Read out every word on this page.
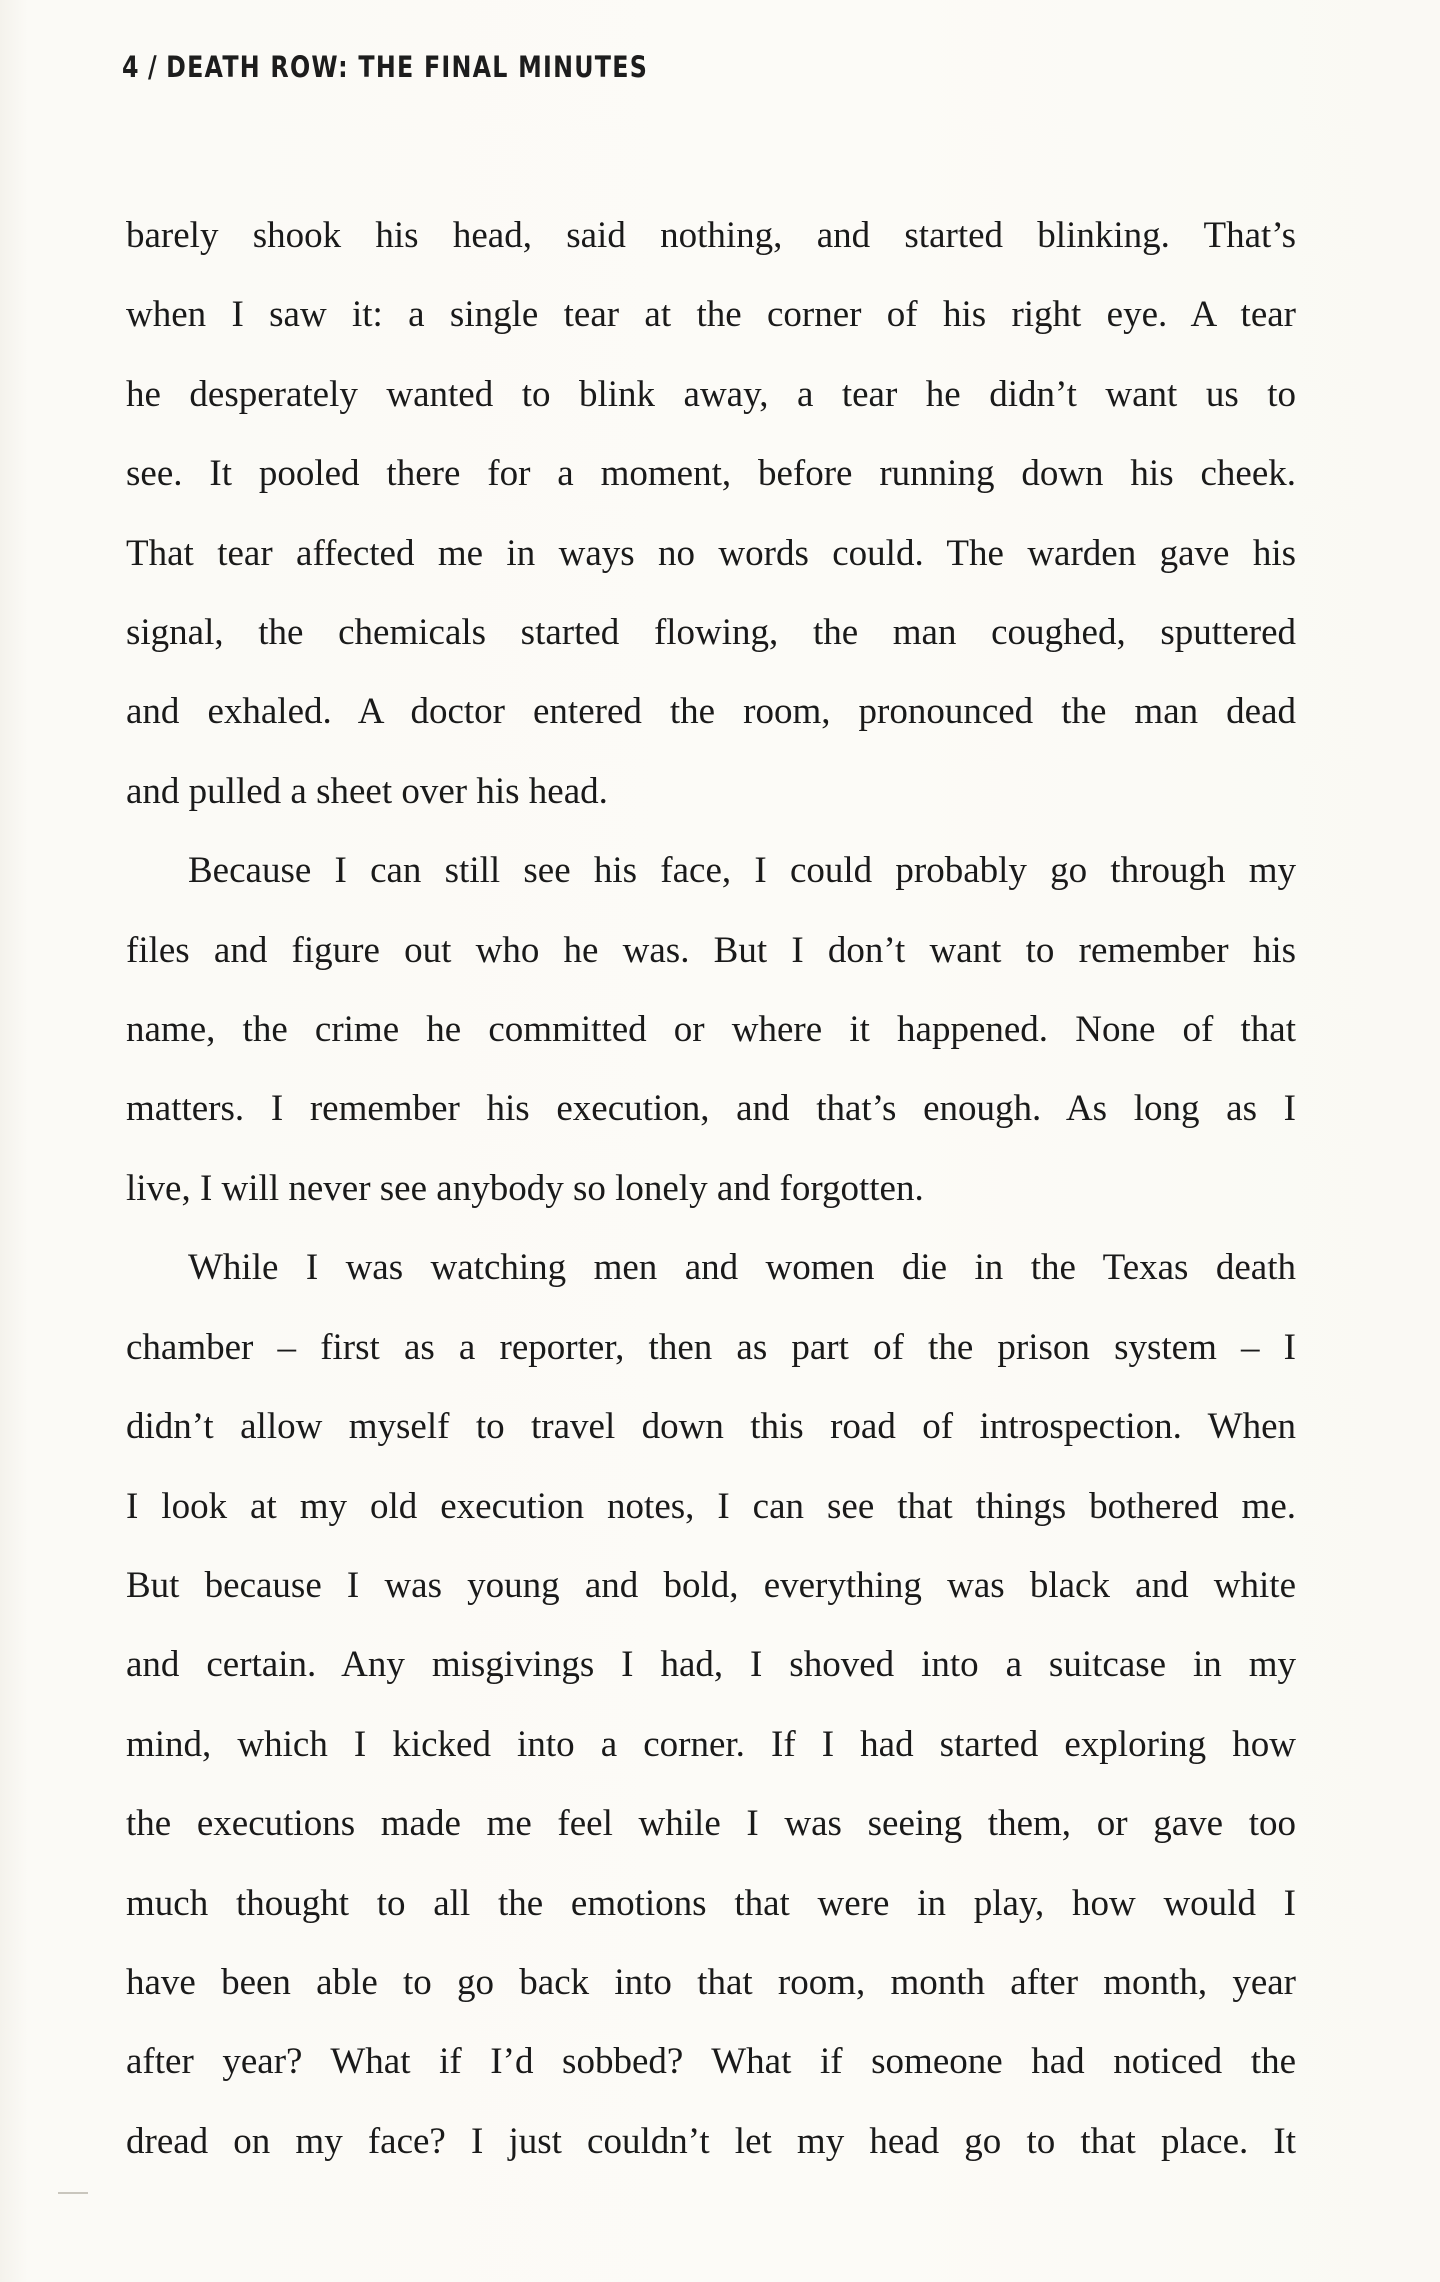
4 / DEATH ROW: THE FINAL MINUTES

barely shook his head, said nothing, and started blinking. That’s

when I saw it: a single tear at the corner of his right eye. A tear

he desperately wanted to blink away, a tear he didn’t want us to

see. It pooled there for a moment, before running down his cheek.

That tear affected me in ways no words could. The warden gave his

signal, the chemicals started flowing, the man coughed, sputtered

and exhaled. A doctor entered the room, pronounced the man dead

and pulled a sheet over his head.

Because I can still see his face, I could probably go through my

files and figure out who he was. But I don’t want to remember his

name, the crime he committed or where it happened. None of that

matters. I remember his execution, and that’s enough. As long as I

live, I will never see anybody so lonely and forgotten.

While I was watching men and women die in the Texas death

chamber – first as a reporter, then as part of the prison system – I

didn’t allow myself to travel down this road of introspection. When

I look at my old execution notes, I can see that things bothered me.

But because I was young and bold, everything was black and white

and certain. Any misgivings I had, I shoved into a suitcase in my

mind, which I kicked into a corner. If I had started exploring how

the executions made me feel while I was seeing them, or gave too

much thought to all the emotions that were in play, how would I

have been able to go back into that room, month after month, year

after year? What if I’d sobbed? What if someone had noticed the

dread on my face? I just couldn’t let my head go to that place. It
